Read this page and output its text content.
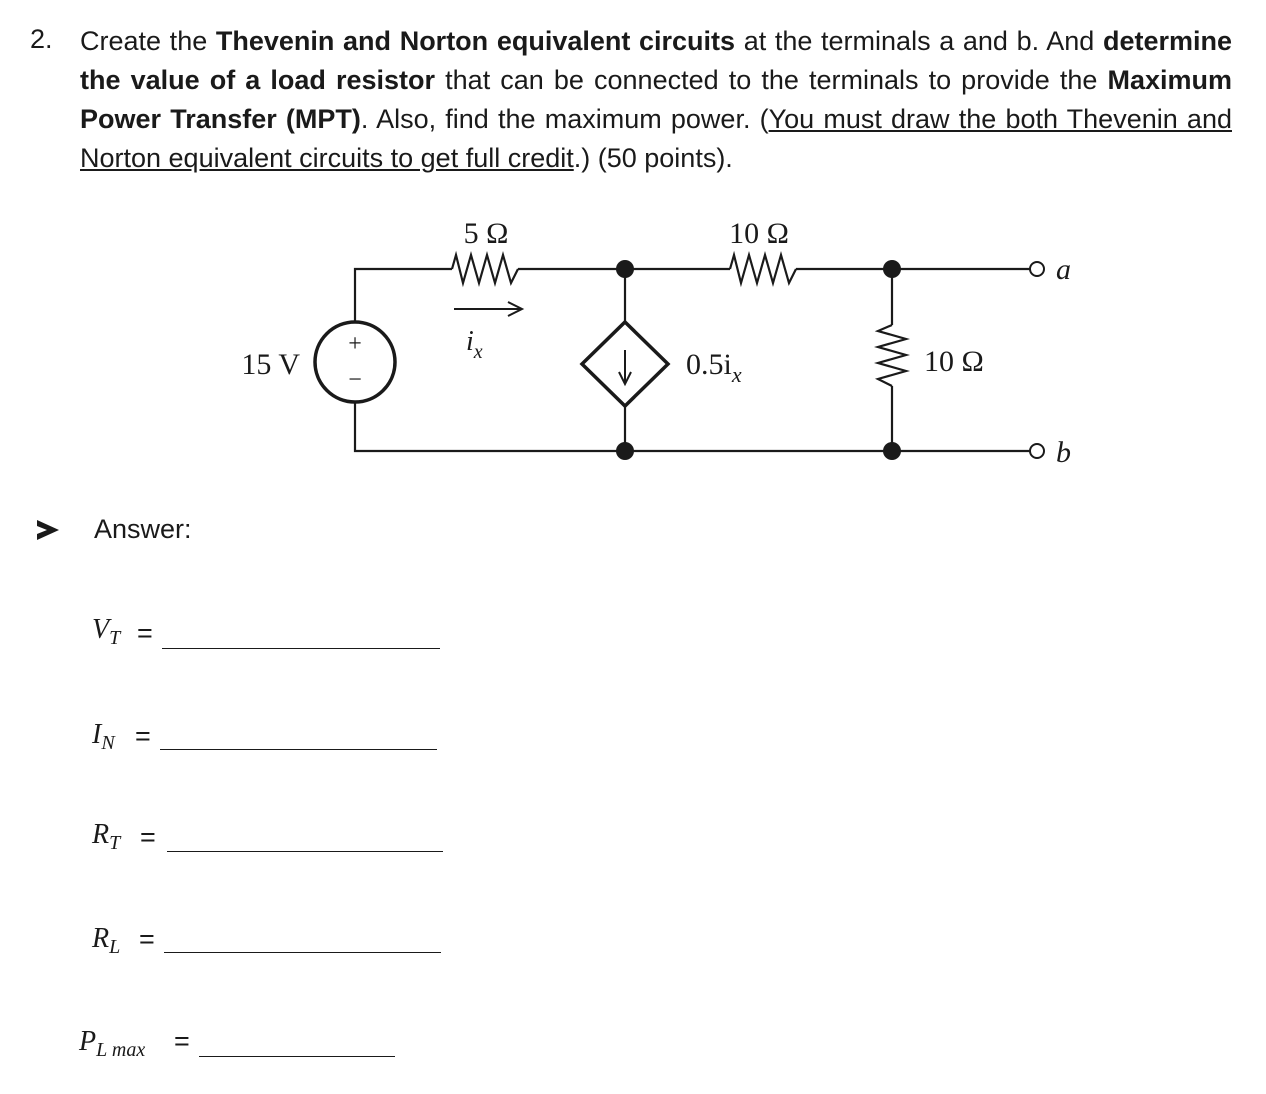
2. Create the Thevenin and Norton equivalent circuits at the terminals a and b. And determine the value of a load resistor that can be connected to the terminals to provide the Maximum Power Transfer (MPT). Also, find the maximum power. (You must draw the both Thevenin and Norton equivalent circuits to get full credit.) (50 points).
+
−
15 V	$0.5i_x$
$i_x$
5 Ω	10 Ω
10 Ω
a
b
Answer:
$V_T$ =
$I_N$ =
$R_T$ =
$R_L$ =
$P_{L max}$ =
